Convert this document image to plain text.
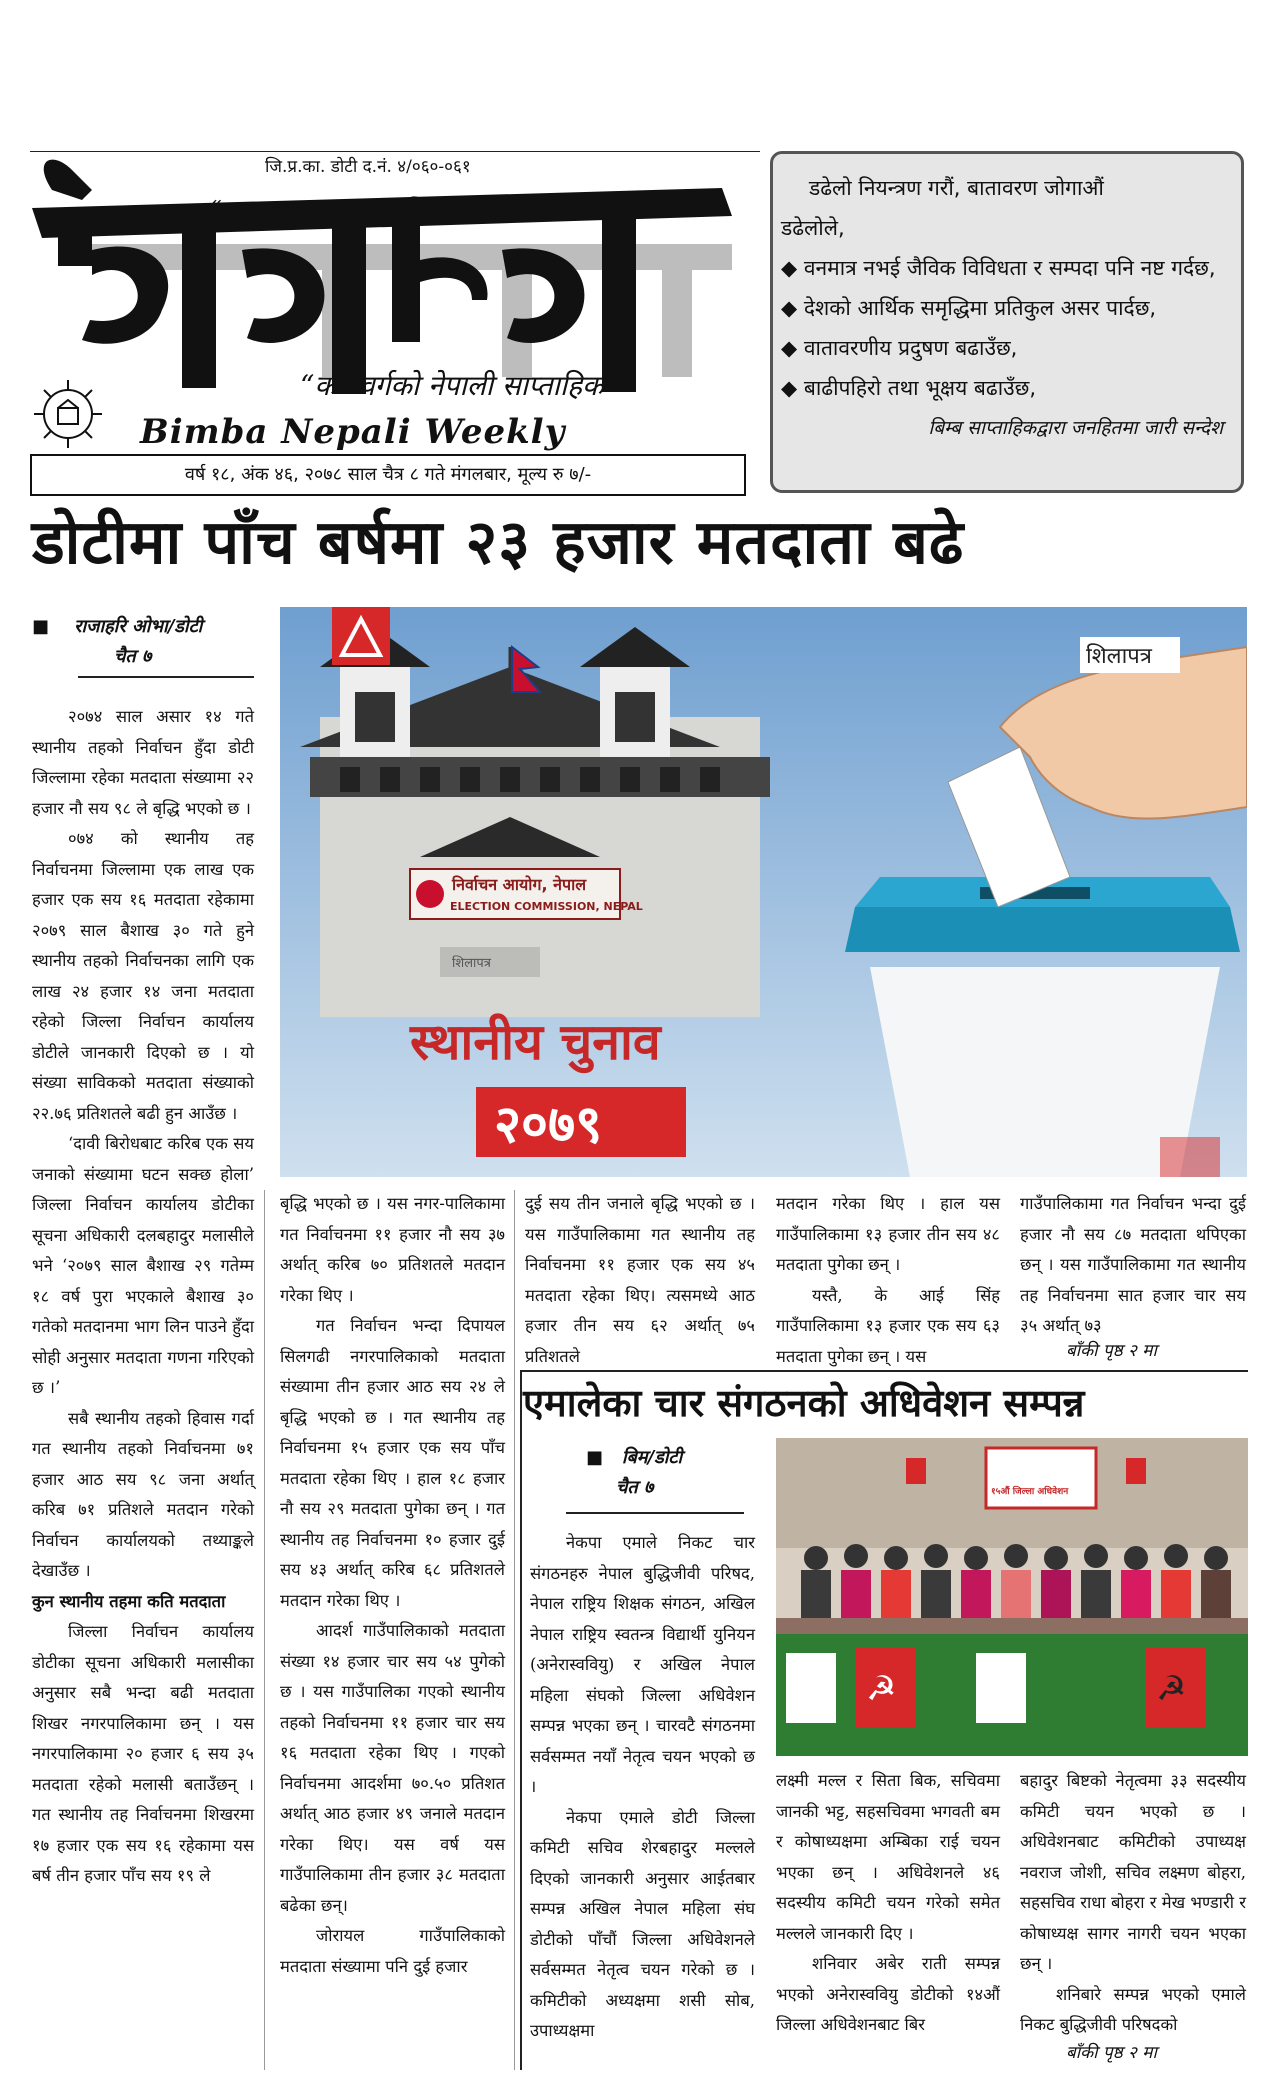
जि.प्र.का. डोटी द.नं. ४/०६०-०६१
“सत्य-तथ्य घटना, सन्तुलित समाचार”
“क” वर्गको नेपाली साप्ताहिक
Bimba Nepali Weekly
वर्ष १८, अंक ४६, २०७८ साल चैत्र ८ गते मंगलबार, मूल्य रु ७/-

डढेलो नियन्त्रण गरौं, बातावरण जोगाऔं

डढेलोले,

◆ वनमात्र नभई जैविक विविधता र सम्पदा पनि नष्ट गर्दछ,

◆ देशको आर्थिक समृद्धिमा प्रतिकुल असर पार्दछ,

◆ वातावरणीय प्रदुषण बढाउँछ,

◆ बाढीपहिरो तथा भूक्षय बढाउँछ,

बिम्ब साप्ताहिकद्वारा जनहितमा जारी सन्देश

डोटीमा पाँच बर्षमा २३ हजार मतदाता बढे
■    राजाहरि ओभा/डोटी
चैत ७

२०७४ साल असार १४ गते स्थानीय तहको निर्वाचन हुँदा डोटी जिल्लामा रहेका मतदाता संख्यामा २२ हजार नौ सय ९८ ले बृद्धि भएको छ ।

०७४ को स्थानीय तह निर्वाचनमा जिल्लामा एक लाख एक हजार एक सय १६ मतदाता रहेकामा २०७९ साल बैशाख ३० गते हुने स्थानीय तहको निर्वाचनका लागि एक लाख २४ हजार १४ जना मतदाता रहेको जिल्ला निर्वाचन कार्यालय डोटीले जानकारी दिएको छ । यो संख्या साविकको मतदाता संख्याको २२.७६ प्रतिशतले बढी हुन आउँछ ।

‘दावी बिरोधबाट करिब एक सय जनाको संख्यामा घटन सक्छ होला’ जिल्ला निर्वाचन कार्यालय डोटीका सूचना अधिकारी दलबहादुर मलासीले भने ‘२०७९ साल बैशाख २९ गतेम्म १८ वर्ष पुरा भएकाले बैशाख ३० गतेको मतदानमा भाग लिन पाउने हुँदा सोही अनुसार मतदाता गणना गरिएको छ ।’

सबै स्थानीय तहको हिवास गर्दा गत स्थानीय तहको निर्वाचनमा ७१ हजार आठ सय ९८ जना अर्थात् करिब ७१ प्रतिशले मतदान गरेको निर्वाचन कार्यालयको तथ्याङ्कले देखाउँछ ।

कुन स्थानीय तहमा कति मतदाता

जिल्ला निर्वाचन कार्यालय डोटीका सूचना अधिकारी मलासीका अनुसार सबै भन्दा बढी मतदाता शिखर नगरपालिकामा छन् । यस नगरपालिकामा २० हजार ६ सय ३५ मतदाता रहेको मलासी बताउँछन् । गत स्थानीय तह निर्वाचनमा शिखरमा १७ हजार एक सय १६ रहेकामा यस बर्ष तीन हजार पाँच सय १९ ले

निर्वाचन आयोग, नेपाल
ELECTION COMMISSION, NEPAL
शिलापत्र
शिलापत्र
स्थानीय चुनाव
२०७९

बृद्धि भएको छ । यस नगर-पालिकामा गत निर्वाचनमा ११ हजार नौ सय ३७ अर्थात् करिब ७० प्रतिशतले मतदान गरेका थिए ।

गत निर्वाचन भन्दा दिपायल सिलगढी नगरपालिकाको मतदाता संख्यामा तीन हजार आठ सय २४ ले बृद्धि भएको छ । गत स्थानीय तह निर्वाचनमा १५ हजार एक सय पाँच मतदाता रहेका थिए । हाल १८ हजार नौ सय २९ मतदाता पुगेका छन् । गत स्थानीय तह निर्वाचनमा १० हजार दुई सय ४३ अर्थात् करिब ६८ प्रतिशतले मतदान गरेका थिए ।

आदर्श गाउँपालिकाको मतदाता संख्या १४ हजार चार सय ५४ पुगेको छ । यस गाउँपालिका गएको स्थानीय तहको निर्वाचनमा ११ हजार चार सय १६ मतदाता रहेका थिए । गएको निर्वाचनमा आदर्शमा ७०.५० प्रतिशत अर्थात् आठ हजार ४९ जनाले मतदान गरेका थिए। यस वर्ष यस गाउँपालिकामा तीन हजार ३८ मतदाता बढेका छन्।

जोरायल गाउँपालिकाको मतदाता संख्यामा पनि दुई हजार

दुई सय तीन जनाले बृद्धि भएको छ । यस गाउँपालिकामा गत स्थानीय तह निर्वाचनमा ११ हजार एक सय ४५ मतदाता रहेका थिए। त्यसमध्ये आठ हजार तीन सय ६२ अर्थात् ७५ प्रतिशतले

मतदान गरेका थिए । हाल यस गाउँपालिकामा १३ हजार तीन सय ४८ मतदाता पुगेका छन् ।

यस्तै, के आई सिंह गाउँपालिकामा १३ हजार एक सय ६३ मतदाता पुगेका छन् । यस

गाउँपालिकामा गत निर्वाचन भन्दा दुई हजार नौ सय ८७ मतदाता थपिएका छन् । यस गाउँपालिकामा गत स्थानीय तह निर्वाचनमा सात हजार चार सय ३५ अर्थात् ७३

बाँकी पृष्ठ २ मा
एमालेका चार संगठनको अधिवेशन सम्पन्न
■   बिम/डोटी
चैत ७

नेकपा एमाले निकट चार संगठनहरु नेपाल बुद्धिजीवी परिषद, नेपाल राष्ट्रिय शिक्षक संगठन, अखिल नेपाल राष्ट्रिय स्वतन्त्र विद्यार्थी युनियन (अनेरास्ववियु) र अखिल नेपाल महिला संघको जिल्ला अधिवेशन सम्पन्न भएका छन् । चारवटै संगठनमा सर्वसम्मत नयाँ नेतृत्व चयन भएको छ ।

नेकपा एमाले डोटी जिल्ला कमिटी सचिव शेरबहादुर मल्लले दिएको जानकारी अनुसार आईतबार सम्पन्न अखिल नेपाल महिला संघ डोटीको पाँचौं जिल्ला अधिवेशनले सर्वसम्मत नेतृत्व चयन गरेको छ । कमिटीको अध्यक्षमा शसी सोब, उपाध्यक्षमा

१५औं जिल्ला अधिवेशन
☭	☭

लक्ष्मी मल्ल र सिता बिक, सचिवमा जानकी भट्ट, सहसचिवमा भगवती बम र कोषाध्यक्षमा अम्बिका राई चयन भएका छन् । अधिवेशनले ४६ सदस्यीय कमिटी चयन गरेको समेत मल्लले जानकारी दिए ।

शनिवार अबेर राती सम्पन्न भएको अनेरास्ववियु डोटीको १४औं जिल्ला अधिवेशनबाट बिर

बहादुर बिष्टको नेतृत्वमा ३३ सदस्यीय कमिटी चयन भएको छ । अधिवेशनबाट कमिटीको उपाध्यक्ष नवराज जोशी, सचिव लक्ष्मण बोहरा, सहसचिव राधा बोहरा र मेख भण्डारी र कोषाध्यक्ष सागर नागरी चयन भएका छन् ।

शनिबारे सम्पन्न भएको एमाले निकट बुद्धिजीवी परिषदको

बाँकी पृष्ठ २ मा
